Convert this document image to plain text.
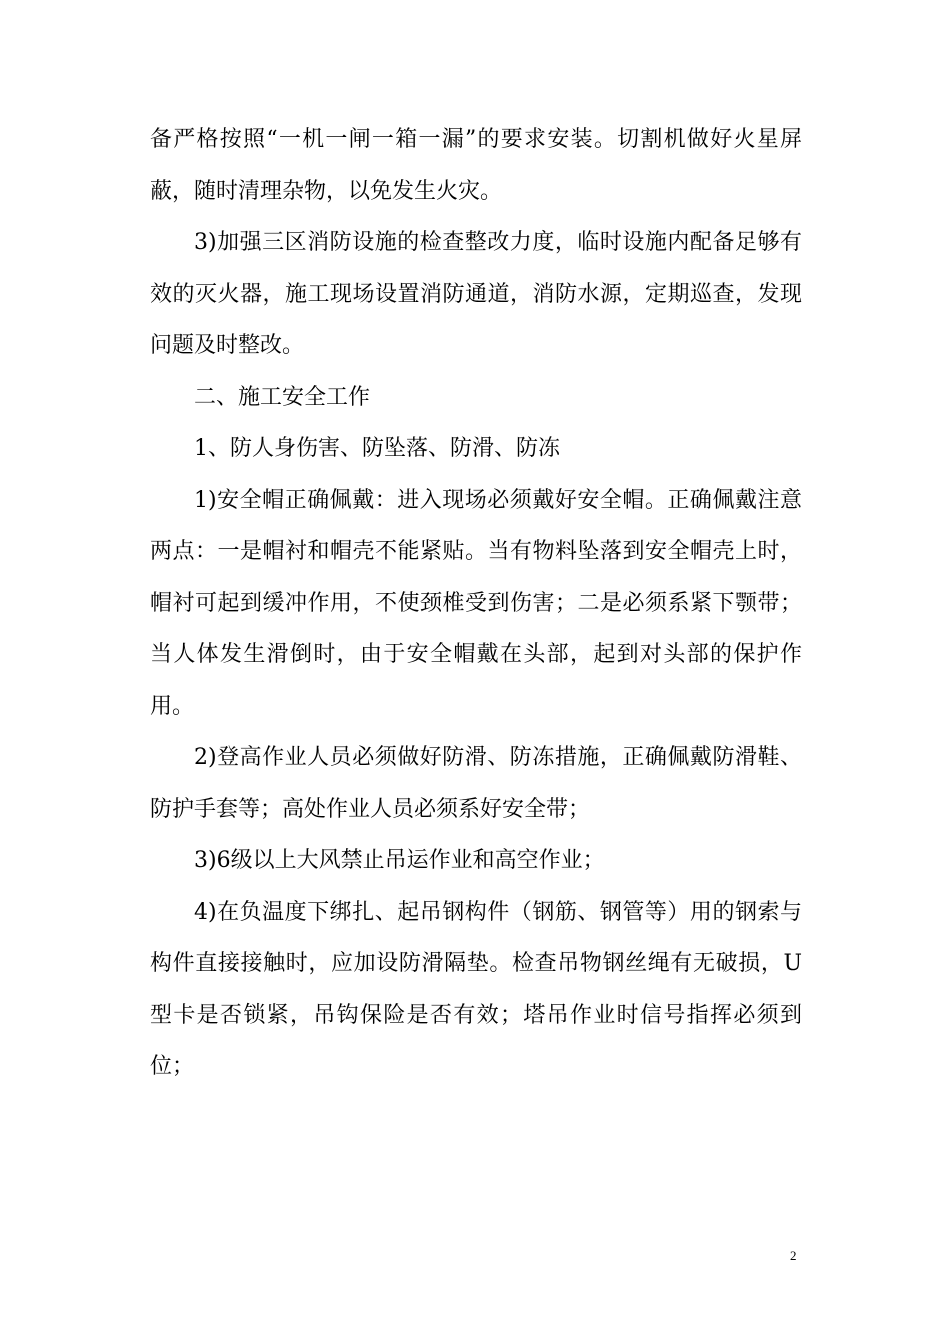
备严格按照“一机一闸一箱一漏”的要求安装。切割机做好火星屏蔽，随时清理杂物，以免发生火灾。

3)加强三区消防设施的检查整改力度，临时设施内配备足够有效的灭火器，施工现场设置消防通道，消防水源，定期巡查，发现问题及时整改。

二、施工安全工作

1、防人身伤害、防坠落、防滑、防冻

1)安全帽正确佩戴：进入现场必须戴好安全帽。正确佩戴注意两点：一是帽衬和帽壳不能紧贴。当有物料坠落到安全帽壳上时，帽衬可起到缓冲作用，不使颈椎受到伤害；二是必须系紧下颚带；当人体发生滑倒时，由于安全帽戴在头部，起到对头部的保护作用。

2)登高作业人员必须做好防滑、防冻措施，正确佩戴防滑鞋、防护手套等；高处作业人员必须系好安全带；

3)6级以上大风禁止吊运作业和高空作业；

4)在负温度下绑扎、起吊钢构件（钢筋、钢管等）用的钢索与构件直接接触时，应加设防滑隔垫。检查吊物钢丝绳有无破损，U型卡是否锁紧，吊钩保险是否有效；塔吊作业时信号指挥必须到位；

2
